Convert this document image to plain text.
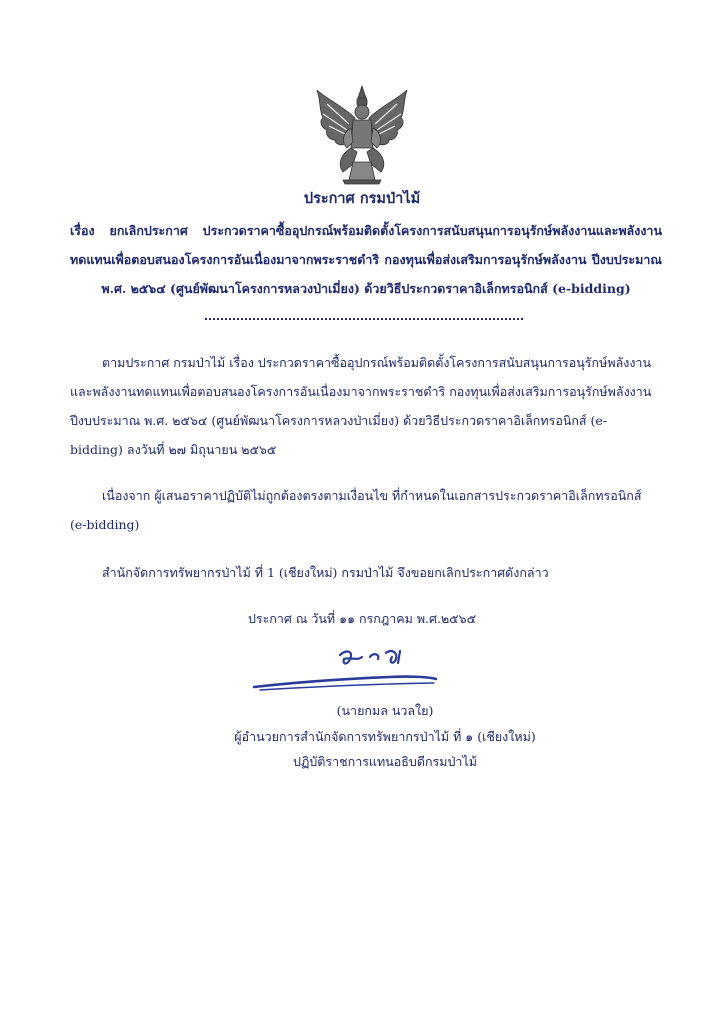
ประกาศ กรมป่าไม้
เรื่อง ยกเลิกประกาศ ประกวดราคาซื้ออุปกรณ์พร้อมติดตั้งโครงการสนับสนุนการอนุรักษ์พลังงานและพลังงาน
ทดแทนเพื่อตอบสนองโครงการอันเนื่องมาจากพระราชดำริ กองทุนเพื่อส่งเสริมการอนุรักษ์พลังงาน ปีงบประมาณ
พ.ศ. ๒๕๖๔ (ศูนย์พัฒนาโครงการหลวงป่าเมี่ยง) ด้วยวิธีประกวดราคาอิเล็กทรอนิกส์ (e-bidding)
ตามประกาศ กรมป่าไม้ เรื่อง ประกวดราคาซื้ออุปกรณ์พร้อมติดตั้งโครงการสนับสนุนการอนุรักษ์พลังงานและพลังงานทดแทนเพื่อตอบสนองโครงการอันเนื่องมาจากพระราชดำริ กองทุนเพื่อส่งเสริมการอนุรักษ์พลังงาน ปีงบประมาณ พ.ศ. ๒๕๖๔ (ศูนย์พัฒนาโครงการหลวงป่าเมี่ยง) ด้วยวิธีประกวดราคาอิเล็กทรอนิกส์ (e-bidding) ลงวันที่ ๒๗ มิถุนายน ๒๕๖๕
เนื่องจาก ผู้เสนอราคาปฏิบัติไม่ถูกต้องตรงตามเงื่อนไข ที่กำหนดในเอกสารประกวดราคาอิเล็กทรอนิกส์ (e-bidding)
สำนักจัดการทรัพยากรป่าไม้ ที่ 1 (เชียงใหม่) กรมป่าไม้ จึงขอยกเลิกประกาศดังกล่าว
ประกาศ ณ วันที่ ๑๑ กรกฎาคม พ.ศ.๒๕๖๕
(นายกมล นวลใย)
ผู้อำนวยการสำนักจัดการทรัพยากรป่าไม้ ที่ ๑ (เชียงใหม่)
ปฏิบัติราชการแทนอธิบดีกรมป่าไม้
